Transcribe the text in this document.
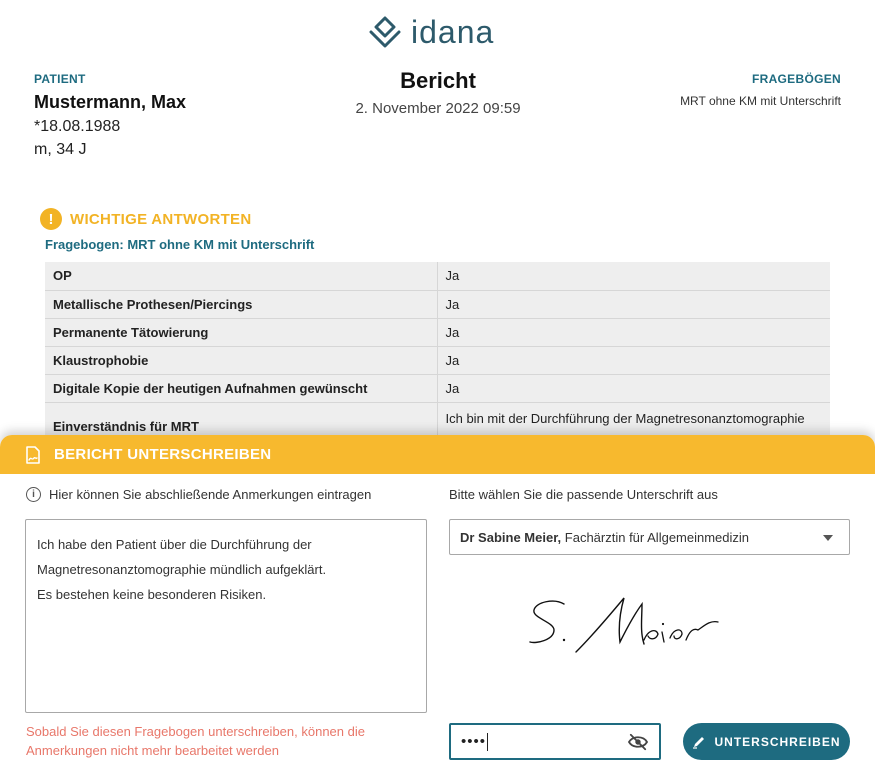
idana
PATIENT
Mustermann, Max
*18.08.1988
m, 34 J
Bericht
2. November 2022 09:59
FRAGEBÖGEN
MRT ohne KM mit Unterschrift
!	WICHTIGE ANTWORTEN
Fragebogen: MRT ohne KM mit Unterschrift
OP	Ja
Metallische Prothesen/Piercings	Ja
Permanente Tätowierung	Ja
Klaustrophobie	Ja
Digitale Kopie der heutigen Aufnahmen gewünscht	Ja
Einverständnis für MRT	Ich bin mit der Durchführung der Magnetresonanztomographie
BERICHT UNTERSCHREIBEN
i	Hier können Sie abschließende Anmerkungen eintragen
Ich habe den Patient über die Durchführung der
Magnetresonanztomographie mündlich aufgeklärt.
Es bestehen keine besonderen Risiken.
Sobald Sie diesen Fragebogen unterschreiben, können die Anmerkungen nicht mehr bearbeitet werden
Bitte wählen Sie die passende Unterschrift aus
Dr Sabine Meier, Fachärztin für Allgemeinmedizin
••••	UNTERSCHREIBEN
